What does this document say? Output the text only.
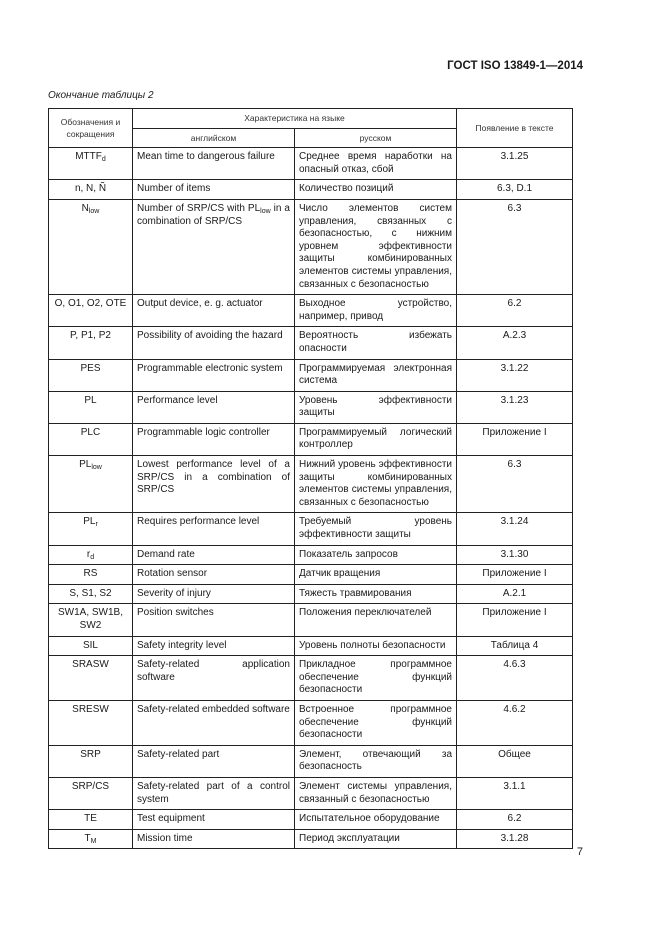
ГОСТ ISO 13849-1—2014
Окончание таблицы 2
Обозначения и сокращения	Характеристика на языке		Появление в тексте
	английском	русском	
$MTTF_d$	Mean time to dangerous failure	Среднее время наработки на опасный отказ, сбой	3.1.25
n, N, Ñ	Number of items	Количество позиций	6.3, D.1
$N_{low}$	Number of SRP/CS with $PL_{low}$ in a combination of SRP/CS	Число элементов систем управления, связанных с безопасностью, с нижним уровнем эффективности защиты комбинированных элементов системы управления, связанных с безопасностью	6.3
O, O1, O2, OTE	Output device, e. g. actuator	Выходное устройство, например, привод	6.2
P, P1, P2	Possibility of avoiding the hazard	Вероятность избежать опасности	A.2.3
PES	Programmable electronic system	Программируемая электронная система	3.1.22
PL	Performance level	Уровень эффективности защиты	3.1.23
PLC	Programmable logic controller	Программируемый логический контроллер	Приложение I
$PL_{low}$	Lowest performance level of a SRP/CS in a combination of SRP/CS	Нижний уровень эффективности защиты комбинированных элементов системы управления, связанных с безопасностью	6.3
$PL_r$	Requires performance level	Требуемый уровень эффективности защиты	3.1.24
$r_d$	Demand rate	Показатель запросов	3.1.30
RS	Rotation sensor	Датчик вращения	Приложение I
S, S1, S2	Severity of injury	Тяжесть травмирования	A.2.1
SW1A, SW1B, SW2	Position switches	Положения переключателей	Приложение I
SIL	Safety integrity level	Уровень полноты безопасности	Таблица 4
SRASW	Safety-related application software	Прикладное программное обеспечение функций безопасности	4.6.3
SRESW	Safety-related embedded software	Встроенное программное обеспечение функций безопасности	4.6.2
SRP	Safety-related part	Элемент, отвечающий за безопасность	Общее
SRP/CS	Safety-related part of a control system	Элемент системы управления, связанный с безопасностью	3.1.1
TE	Test equipment	Испытательное оборудование	6.2
$T_M$	Mission time	Период эксплуатации	3.1.28
7
